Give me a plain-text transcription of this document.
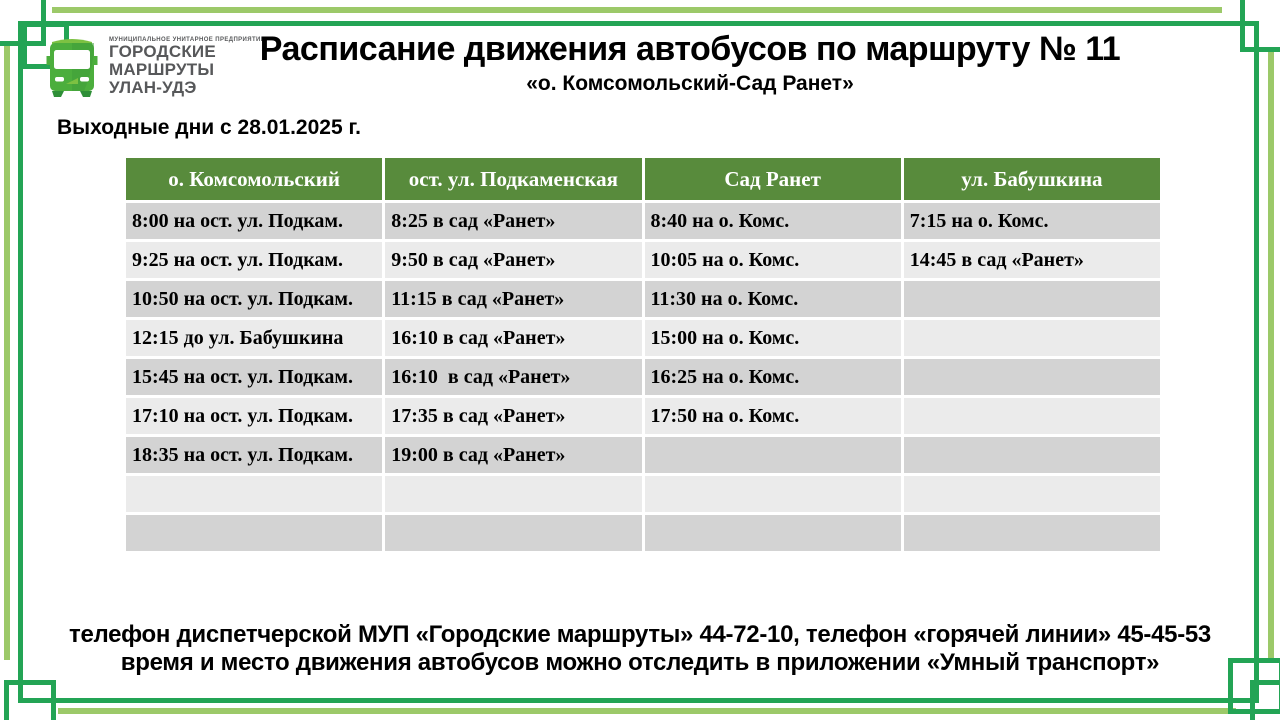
МУНИЦИПАЛЬНОЕ УНИТАРНОЕ ПРЕДПРИЯТИЕ
ГОРОДСКИЕ
МАРШРУТЫ
УЛАН-УДЭ
Расписание движения автобусов по маршруту № 11
«о. Комсомольский-Сад Ранет»
Выходные дни с 28.01.2025 г.
о. Комсомольский	ост. ул. Подкаменская	Сад Ранет	ул. Бабушкина
8:00 на ост. ул. Подкам.	8:25 в сад «Ранет»	8:40 на о. Комс.	7:15 на о. Комс.
9:25 на ост. ул. Подкам.	9:50 в сад «Ранет»	10:05 на о. Комс.	14:45 в сад «Ранет»
10:50 на ост. ул. Подкам.	11:15 в сад «Ранет»	11:30 на о. Комс.	
12:15 до ул. Бабушкина	16:10 в сад «Ранет»	15:00 на о. Комс.	
15:45 на ост. ул. Подкам.	16:10  в сад «Ранет»	16:25 на о. Комс.	
17:10 на ост. ул. Подкам.	17:35 в сад «Ранет»	17:50 на о. Комс.	
18:35 на ост. ул. Подкам.	19:00 в сад «Ранет»		

телефон диспетчерской МУП «Городские маршруты» 44-72-10, телефон «горячей линии» 45-45-53
время и место движения автобусов можно отследить в приложении «Умный транспорт»
